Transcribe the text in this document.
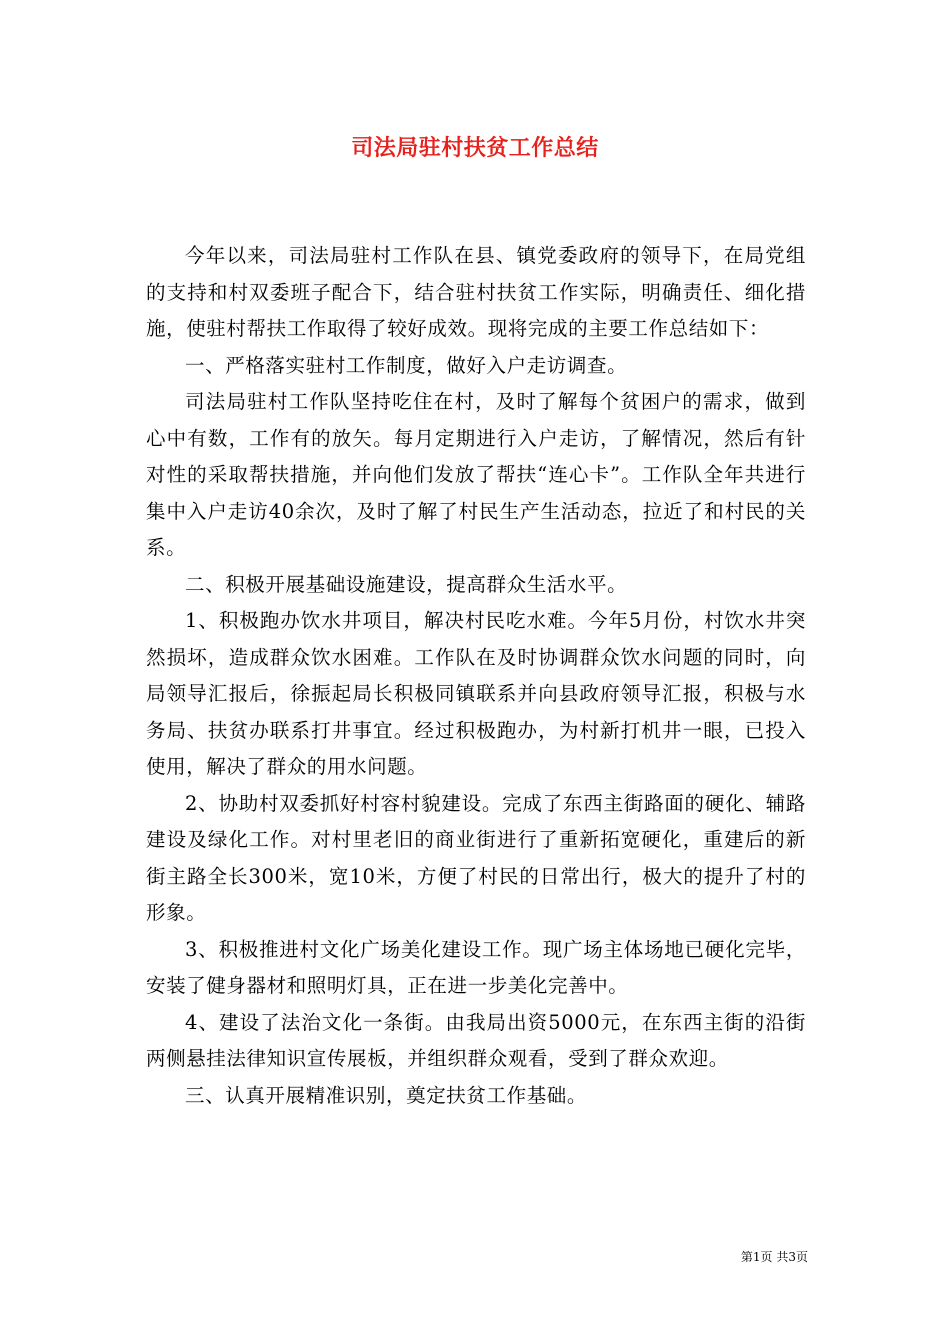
司法局驻村扶贫工作总结

今年以来，司法局驻村工作队在县、镇党委政府的领导下，在局党组的支持和村双委班子配合下，结合驻村扶贫工作实际，明确责任、细化措施，使驻村帮扶工作取得了较好成效。现将完成的主要工作总结如下：

一、严格落实驻村工作制度，做好入户走访调查。

司法局驻村工作队坚持吃住在村，及时了解每个贫困户的需求，做到心中有数，工作有的放矢。每月定期进行入户走访，了解情况，然后有针对性的采取帮扶措施，并向他们发放了帮扶“连心卡”。工作队全年共进行集中入户走访40余次，及时了解了村民生产生活动态，拉近了和村民的关系。

二、积极开展基础设施建设，提高群众生活水平。

1、积极跑办饮水井项目，解决村民吃水难。今年5月份，村饮水井突然损坏，造成群众饮水困难。工作队在及时协调群众饮水问题的同时，向局领导汇报后，徐振起局长积极同镇联系并向县政府领导汇报，积极与水务局、扶贫办联系打井事宜。经过积极跑办，为村新打机井一眼，已投入使用，解决了群众的用水问题。

2、协助村双委抓好村容村貌建设。完成了东西主街路面的硬化、辅路建设及绿化工作。对村里老旧的商业街进行了重新拓宽硬化，重建后的新街主路全长300米，宽10米，方便了村民的日常出行，极大的提升了村的形象。

3、积极推进村文化广场美化建设工作。现广场主体场地已硬化完毕，安装了健身器材和照明灯具，正在进一步美化完善中。

4、建设了法治文化一条街。由我局出资5000元，在东西主街的沿街两侧悬挂法律知识宣传展板，并组织群众观看，受到了群众欢迎。

三、认真开展精准识别，奠定扶贫工作基础。

第1页 共3页
